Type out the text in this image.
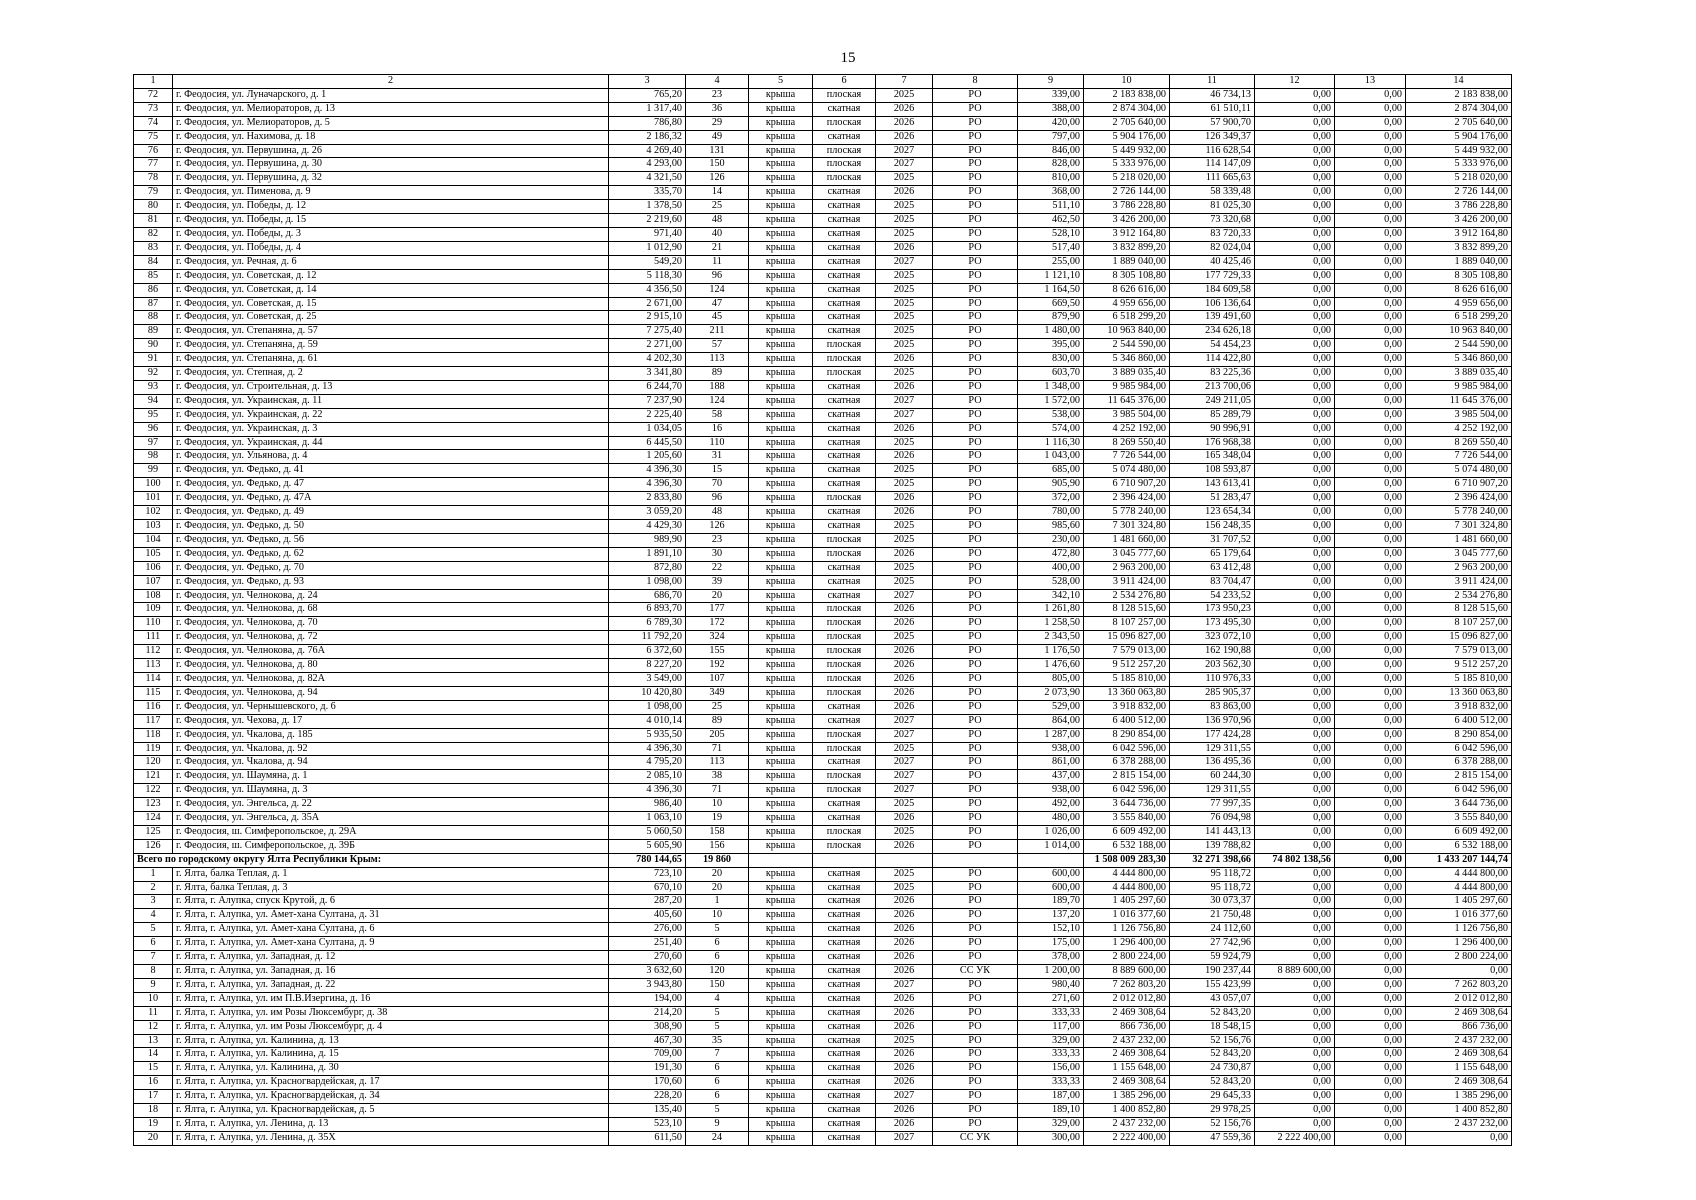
15
1	2	3	4	5	6	7	8	9	10	11	12	13	14
72	г. Феодосия, ул. Луначарского, д. 1	765,20	23	крыша	плоская	2025	РО	339,00	2 183 838,00	46 734,13	0,00	0,00	2 183 838,00
73	г. Феодосия, ул. Мелиораторов, д. 13	1 317,40	36	крыша	скатная	2026	РО	388,00	2 874 304,00	61 510,11	0,00	0,00	2 874 304,00
74	г. Феодосия, ул. Мелиораторов, д. 5	786,80	29	крыша	плоская	2026	РО	420,00	2 705 640,00	57 900,70	0,00	0,00	2 705 640,00
75	г. Феодосия, ул. Нахимова, д. 18	2 186,32	49	крыша	скатная	2026	РО	797,00	5 904 176,00	126 349,37	0,00	0,00	5 904 176,00
76	г. Феодосия, ул. Первушина, д. 26	4 269,40	131	крыша	плоская	2027	РО	846,00	5 449 932,00	116 628,54	0,00	0,00	5 449 932,00
77	г. Феодосия, ул. Первушина, д. 30	4 293,00	150	крыша	плоская	2027	РО	828,00	5 333 976,00	114 147,09	0,00	0,00	5 333 976,00
78	г. Феодосия, ул. Первушина, д. 32	4 321,50	126	крыша	плоская	2025	РО	810,00	5 218 020,00	111 665,63	0,00	0,00	5 218 020,00
79	г. Феодосия, ул. Пименова, д. 9	335,70	14	крыша	скатная	2026	РО	368,00	2 726 144,00	58 339,48	0,00	0,00	2 726 144,00
80	г. Феодосия, ул. Победы, д. 12	1 378,50	25	крыша	скатная	2025	РО	511,10	3 786 228,80	81 025,30	0,00	0,00	3 786 228,80
81	г. Феодосия, ул. Победы, д. 15	2 219,60	48	крыша	скатная	2025	РО	462,50	3 426 200,00	73 320,68	0,00	0,00	3 426 200,00
82	г. Феодосия, ул. Победы, д. 3	971,40	40	крыша	скатная	2025	РО	528,10	3 912 164,80	83 720,33	0,00	0,00	3 912 164,80
83	г. Феодосия, ул. Победы, д. 4	1 012,90	21	крыша	скатная	2026	РО	517,40	3 832 899,20	82 024,04	0,00	0,00	3 832 899,20
84	г. Феодосия, ул. Речная, д. 6	549,20	11	крыша	скатная	2027	РО	255,00	1 889 040,00	40 425,46	0,00	0,00	1 889 040,00
85	г. Феодосия, ул. Советская, д. 12	5 118,30	96	крыша	скатная	2025	РО	1 121,10	8 305 108,80	177 729,33	0,00	0,00	8 305 108,80
86	г. Феодосия, ул. Советская, д. 14	4 356,50	124	крыша	скатная	2025	РО	1 164,50	8 626 616,00	184 609,58	0,00	0,00	8 626 616,00
87	г. Феодосия, ул. Советская, д. 15	2 671,00	47	крыша	скатная	2025	РО	669,50	4 959 656,00	106 136,64	0,00	0,00	4 959 656,00
88	г. Феодосия, ул. Советская, д. 25	2 915,10	45	крыша	скатная	2025	РО	879,90	6 518 299,20	139 491,60	0,00	0,00	6 518 299,20
89	г. Феодосия, ул. Степаняна, д. 57	7 275,40	211	крыша	скатная	2025	РО	1 480,00	10 963 840,00	234 626,18	0,00	0,00	10 963 840,00
90	г. Феодосия, ул. Степаняна, д. 59	2 271,00	57	крыша	плоская	2025	РО	395,00	2 544 590,00	54 454,23	0,00	0,00	2 544 590,00
91	г. Феодосия, ул. Степаняна, д. 61	4 202,30	113	крыша	плоская	2026	РО	830,00	5 346 860,00	114 422,80	0,00	0,00	5 346 860,00
92	г. Феодосия, ул. Степная, д. 2	3 341,80	89	крыша	плоская	2025	РО	603,70	3 889 035,40	83 225,36	0,00	0,00	3 889 035,40
93	г. Феодосия, ул. Строительная, д. 13	6 244,70	188	крыша	скатная	2026	РО	1 348,00	9 985 984,00	213 700,06	0,00	0,00	9 985 984,00
94	г. Феодосия, ул. Украинская, д. 11	7 237,90	124	крыша	скатная	2027	РО	1 572,00	11 645 376,00	249 211,05	0,00	0,00	11 645 376,00
95	г. Феодосия, ул. Украинская, д. 22	2 225,40	58	крыша	скатная	2027	РО	538,00	3 985 504,00	85 289,79	0,00	0,00	3 985 504,00
96	г. Феодосия, ул. Украинская, д. 3	1 034,05	16	крыша	скатная	2026	РО	574,00	4 252 192,00	90 996,91	0,00	0,00	4 252 192,00
97	г. Феодосия, ул. Украинская, д. 44	6 445,50	110	крыша	скатная	2025	РО	1 116,30	8 269 550,40	176 968,38	0,00	0,00	8 269 550,40
98	г. Феодосия, ул. Ульянова, д. 4	1 205,60	31	крыша	скатная	2026	РО	1 043,00	7 726 544,00	165 348,04	0,00	0,00	7 726 544,00
99	г. Феодосия, ул. Федько, д. 41	4 396,30	15	крыша	скатная	2025	РО	685,00	5 074 480,00	108 593,87	0,00	0,00	5 074 480,00
100	г. Феодосия, ул. Федько, д. 47	4 396,30	70	крыша	скатная	2025	РО	905,90	6 710 907,20	143 613,41	0,00	0,00	6 710 907,20
101	г. Феодосия, ул. Федько, д. 47А	2 833,80	96	крыша	плоская	2026	РО	372,00	2 396 424,00	51 283,47	0,00	0,00	2 396 424,00
102	г. Феодосия, ул. Федько, д. 49	3 059,20	48	крыша	скатная	2026	РО	780,00	5 778 240,00	123 654,34	0,00	0,00	5 778 240,00
103	г. Феодосия, ул. Федько, д. 50	4 429,30	126	крыша	скатная	2025	РО	985,60	7 301 324,80	156 248,35	0,00	0,00	7 301 324,80
104	г. Феодосия, ул. Федько, д. 56	989,90	23	крыша	плоская	2025	РО	230,00	1 481 660,00	31 707,52	0,00	0,00	1 481 660,00
105	г. Феодосия, ул. Федько, д. 62	1 891,10	30	крыша	плоская	2026	РО	472,80	3 045 777,60	65 179,64	0,00	0,00	3 045 777,60
106	г. Феодосия, ул. Федько, д. 70	872,80	22	крыша	скатная	2025	РО	400,00	2 963 200,00	63 412,48	0,00	0,00	2 963 200,00
107	г. Феодосия, ул. Федько, д. 93	1 098,00	39	крыша	скатная	2025	РО	528,00	3 911 424,00	83 704,47	0,00	0,00	3 911 424,00
108	г. Феодосия, ул. Челнокова, д. 24	686,70	20	крыша	скатная	2027	РО	342,10	2 534 276,80	54 233,52	0,00	0,00	2 534 276,80
109	г. Феодосия, ул. Челнокова, д. 68	6 893,70	177	крыша	плоская	2026	РО	1 261,80	8 128 515,60	173 950,23	0,00	0,00	8 128 515,60
110	г. Феодосия, ул. Челнокова, д. 70	6 789,30	172	крыша	плоская	2026	РО	1 258,50	8 107 257,00	173 495,30	0,00	0,00	8 107 257,00
111	г. Феодосия, ул. Челнокова, д. 72	11 792,20	324	крыша	плоская	2025	РО	2 343,50	15 096 827,00	323 072,10	0,00	0,00	15 096 827,00
112	г. Феодосия, ул. Челнокова, д. 76А	6 372,60	155	крыша	плоская	2026	РО	1 176,50	7 579 013,00	162 190,88	0,00	0,00	7 579 013,00
113	г. Феодосия, ул. Челнокова, д. 80	8 227,20	192	крыша	плоская	2026	РО	1 476,60	9 512 257,20	203 562,30	0,00	0,00	9 512 257,20
114	г. Феодосия, ул. Челнокова, д. 82А	3 549,00	107	крыша	плоская	2026	РО	805,00	5 185 810,00	110 976,33	0,00	0,00	5 185 810,00
115	г. Феодосия, ул. Челнокова, д. 94	10 420,80	349	крыша	плоская	2026	РО	2 073,90	13 360 063,80	285 905,37	0,00	0,00	13 360 063,80
116	г. Феодосия, ул. Чернышевского, д. 6	1 098,00	25	крыша	скатная	2026	РО	529,00	3 918 832,00	83 863,00	0,00	0,00	3 918 832,00
117	г. Феодосия, ул. Чехова, д. 17	4 010,14	89	крыша	скатная	2027	РО	864,00	6 400 512,00	136 970,96	0,00	0,00	6 400 512,00
118	г. Феодосия, ул. Чкалова, д. 185	5 935,50	205	крыша	плоская	2027	РО	1 287,00	8 290 854,00	177 424,28	0,00	0,00	8 290 854,00
119	г. Феодосия, ул. Чкалова, д. 92	4 396,30	71	крыша	плоская	2025	РО	938,00	6 042 596,00	129 311,55	0,00	0,00	6 042 596,00
120	г. Феодосия, ул. Чкалова, д. 94	4 795,20	113	крыша	скатная	2027	РО	861,00	6 378 288,00	136 495,36	0,00	0,00	6 378 288,00
121	г. Феодосия, ул. Шаумяна, д. 1	2 085,10	38	крыша	плоская	2027	РО	437,00	2 815 154,00	60 244,30	0,00	0,00	2 815 154,00
122	г. Феодосия, ул. Шаумяна, д. 3	4 396,30	71	крыша	плоская	2027	РО	938,00	6 042 596,00	129 311,55	0,00	0,00	6 042 596,00
123	г. Феодосия, ул. Энгельса, д. 22	986,40	10	крыша	скатная	2025	РО	492,00	3 644 736,00	77 997,35	0,00	0,00	3 644 736,00
124	г. Феодосия, ул. Энгельса, д. 35А	1 063,10	19	крыша	скатная	2026	РО	480,00	3 555 840,00	76 094,98	0,00	0,00	3 555 840,00
125	г. Феодосия, ш. Симферопольское, д. 29А	5 060,50	158	крыша	плоская	2025	РО	1 026,00	6 609 492,00	141 443,13	0,00	0,00	6 609 492,00
126	г. Феодосия, ш. Симферопольское, д. 39Б	5 605,90	156	крыша	плоская	2026	РО	1 014,00	6 532 188,00	139 788,82	0,00	0,00	6 532 188,00
Всего по городскому округу Ялта Республики Крым:		780 144,65	19 860						1 508 009 283,30	32 271 398,66	74 802 138,56	0,00	1 433 207 144,74
1	г. Ялта, балка Теплая, д. 1	723,10	20	крыша	скатная	2025	РО	600,00	4 444 800,00	95 118,72	0,00	0,00	4 444 800,00
2	г. Ялта, балка Теплая, д. 3	670,10	20	крыша	скатная	2025	РО	600,00	4 444 800,00	95 118,72	0,00	0,00	4 444 800,00
3	г. Ялта, г. Алупка, спуск Крутой, д. 6	287,20	1	крыша	скатная	2026	РО	189,70	1 405 297,60	30 073,37	0,00	0,00	1 405 297,60
4	г. Ялта, г. Алупка, ул. Амет-хана Султана, д. 31	405,60	10	крыша	скатная	2026	РО	137,20	1 016 377,60	21 750,48	0,00	0,00	1 016 377,60
5	г. Ялта, г. Алупка, ул. Амет-хана Султана, д. 6	276,00	5	крыша	скатная	2026	РО	152,10	1 126 756,80	24 112,60	0,00	0,00	1 126 756,80
6	г. Ялта, г. Алупка, ул. Амет-хана Султана, д. 9	251,40	6	крыша	скатная	2026	РО	175,00	1 296 400,00	27 742,96	0,00	0,00	1 296 400,00
7	г. Ялта, г. Алупка, ул. Западная, д. 12	270,60	6	крыша	скатная	2026	РО	378,00	2 800 224,00	59 924,79	0,00	0,00	2 800 224,00
8	г. Ялта, г. Алупка, ул. Западная, д. 16	3 632,60	120	крыша	скатная	2026	СС УК	1 200,00	8 889 600,00	190 237,44	8 889 600,00	0,00	0,00
9	г. Ялта, г. Алупка, ул. Западная, д. 22	3 943,80	150	крыша	скатная	2027	РО	980,40	7 262 803,20	155 423,99	0,00	0,00	7 262 803,20
10	г. Ялта, г. Алупка, ул. им П.В.Изергина, д. 16	194,00	4	крыша	скатная	2026	РО	271,60	2 012 012,80	43 057,07	0,00	0,00	2 012 012,80
11	г. Ялта, г. Алупка, ул. им Розы Люксембург, д. 38	214,20	5	крыша	скатная	2026	РО	333,33	2 469 308,64	52 843,20	0,00	0,00	2 469 308,64
12	г. Ялта, г. Алупка, ул. им Розы Люксембург, д. 4	308,90	5	крыша	скатная	2026	РО	117,00	866 736,00	18 548,15	0,00	0,00	866 736,00
13	г. Ялта, г. Алупка, ул. Калинина, д. 13	467,30	35	крыша	скатная	2025	РО	329,00	2 437 232,00	52 156,76	0,00	0,00	2 437 232,00
14	г. Ялта, г. Алупка, ул. Калинина, д. 15	709,00	7	крыша	скатная	2026	РО	333,33	2 469 308,64	52 843,20	0,00	0,00	2 469 308,64
15	г. Ялта, г. Алупка, ул. Калинина, д. 30	191,30	6	крыша	скатная	2026	РО	156,00	1 155 648,00	24 730,87	0,00	0,00	1 155 648,00
16	г. Ялта, г. Алупка, ул. Красногвардейская, д. 17	170,60	6	крыша	скатная	2026	РО	333,33	2 469 308,64	52 843,20	0,00	0,00	2 469 308,64
17	г. Ялта, г. Алупка, ул. Красногвардейская, д. 34	228,20	6	крыша	скатная	2027	РО	187,00	1 385 296,00	29 645,33	0,00	0,00	1 385 296,00
18	г. Ялта, г. Алупка, ул. Красногвардейская, д. 5	135,40	5	крыша	скатная	2026	РО	189,10	1 400 852,80	29 978,25	0,00	0,00	1 400 852,80
19	г. Ялта, г. Алупка, ул. Ленина, д. 13	523,10	9	крыша	скатная	2026	РО	329,00	2 437 232,00	52 156,76	0,00	0,00	2 437 232,00
20	г. Ялта, г. Алупка, ул. Ленина, д. 35Х	611,50	24	крыша	скатная	2027	СС УК	300,00	2 222 400,00	47 559,36	2 222 400,00	0,00	0,00
